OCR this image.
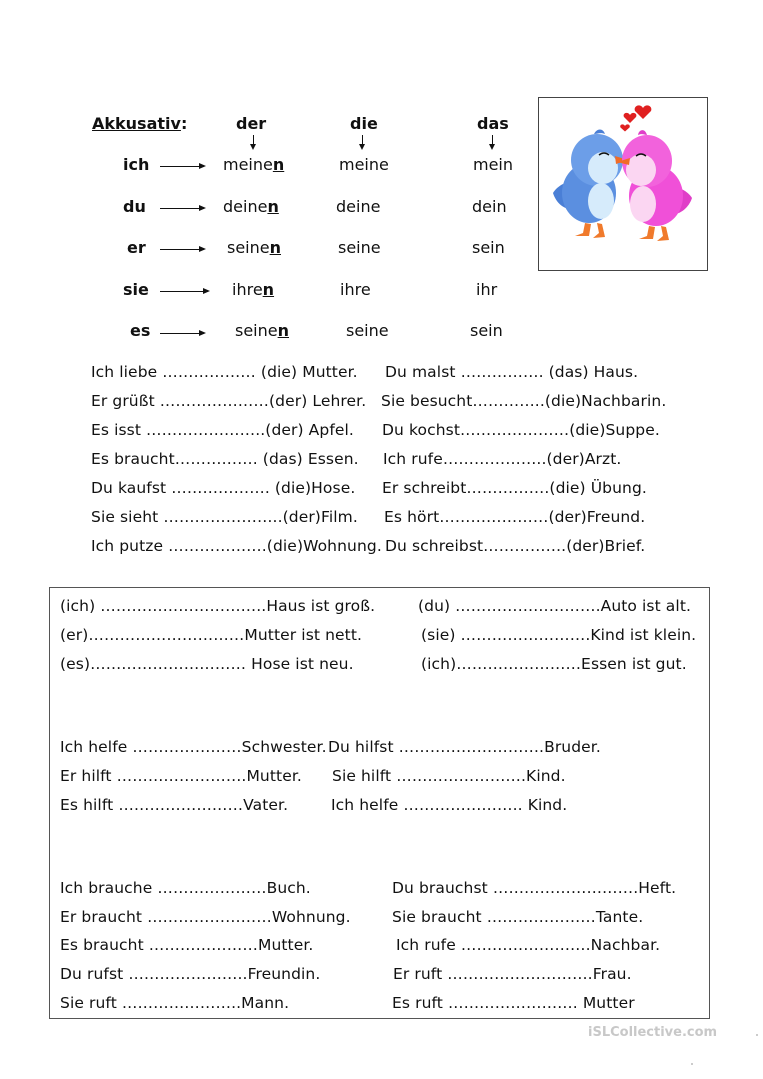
Akkusativ:	der	die	das
ich	meinen	meine	mein
du	deinen	deine	dein
er	seinen	seine	sein
sie	ihren	ihre	ihr
es	seinen	seine	sein
Ich liebe ……………… (die) Mutter.
Er grüßt …………………(der) Lehrer.
Es isst …………………..(der) Apfel.
Es braucht……………. (das) Essen.
Du kaufst ………………. (die)Hose.
Sie sieht …………………..(der)Film.
Ich putze ……………….(die)Wohnung.
Du malst ……………. (das) Haus.
Sie besucht…………..(die)Nachbarin.
Du kochst…………………(die)Suppe.
Ich rufe………………..(der)Arzt.
Er schreibt…………….(die) Übung.
Es hört…………………(der)Freund.
Du schreibst…………….(der)Brief.
(ich) …………………………..Haus ist groß.
(er)…………………………Mutter ist nett.
(es)………………………… Hose ist neu.
(du) ……………………….Auto ist alt.
(sie) …………………….Kind ist klein.
(ich)……………………Essen ist gut.
Ich helfe …………………Schwester. Du hilfst ……………………….Bruder.
Er hilft …………………….Mutter. Sie hilft …………………….Kind.
Es hilft ……………………Vater.	Ich helfe ………………….. Kind.
Ich brauche …………………Buch.
Er braucht ……………………Wohnung.
Es braucht …………………Mutter.
Du rufst …………………..Freundin.
Sie ruft …………………..Mann.
Du brauchst ……………………….Heft.
Sie braucht …………………Tante.
Ich rufe …………………….Nachbar.
Er ruft ……………………….Frau.
Es ruft ……………………. Mutter
iSLCollective.com
